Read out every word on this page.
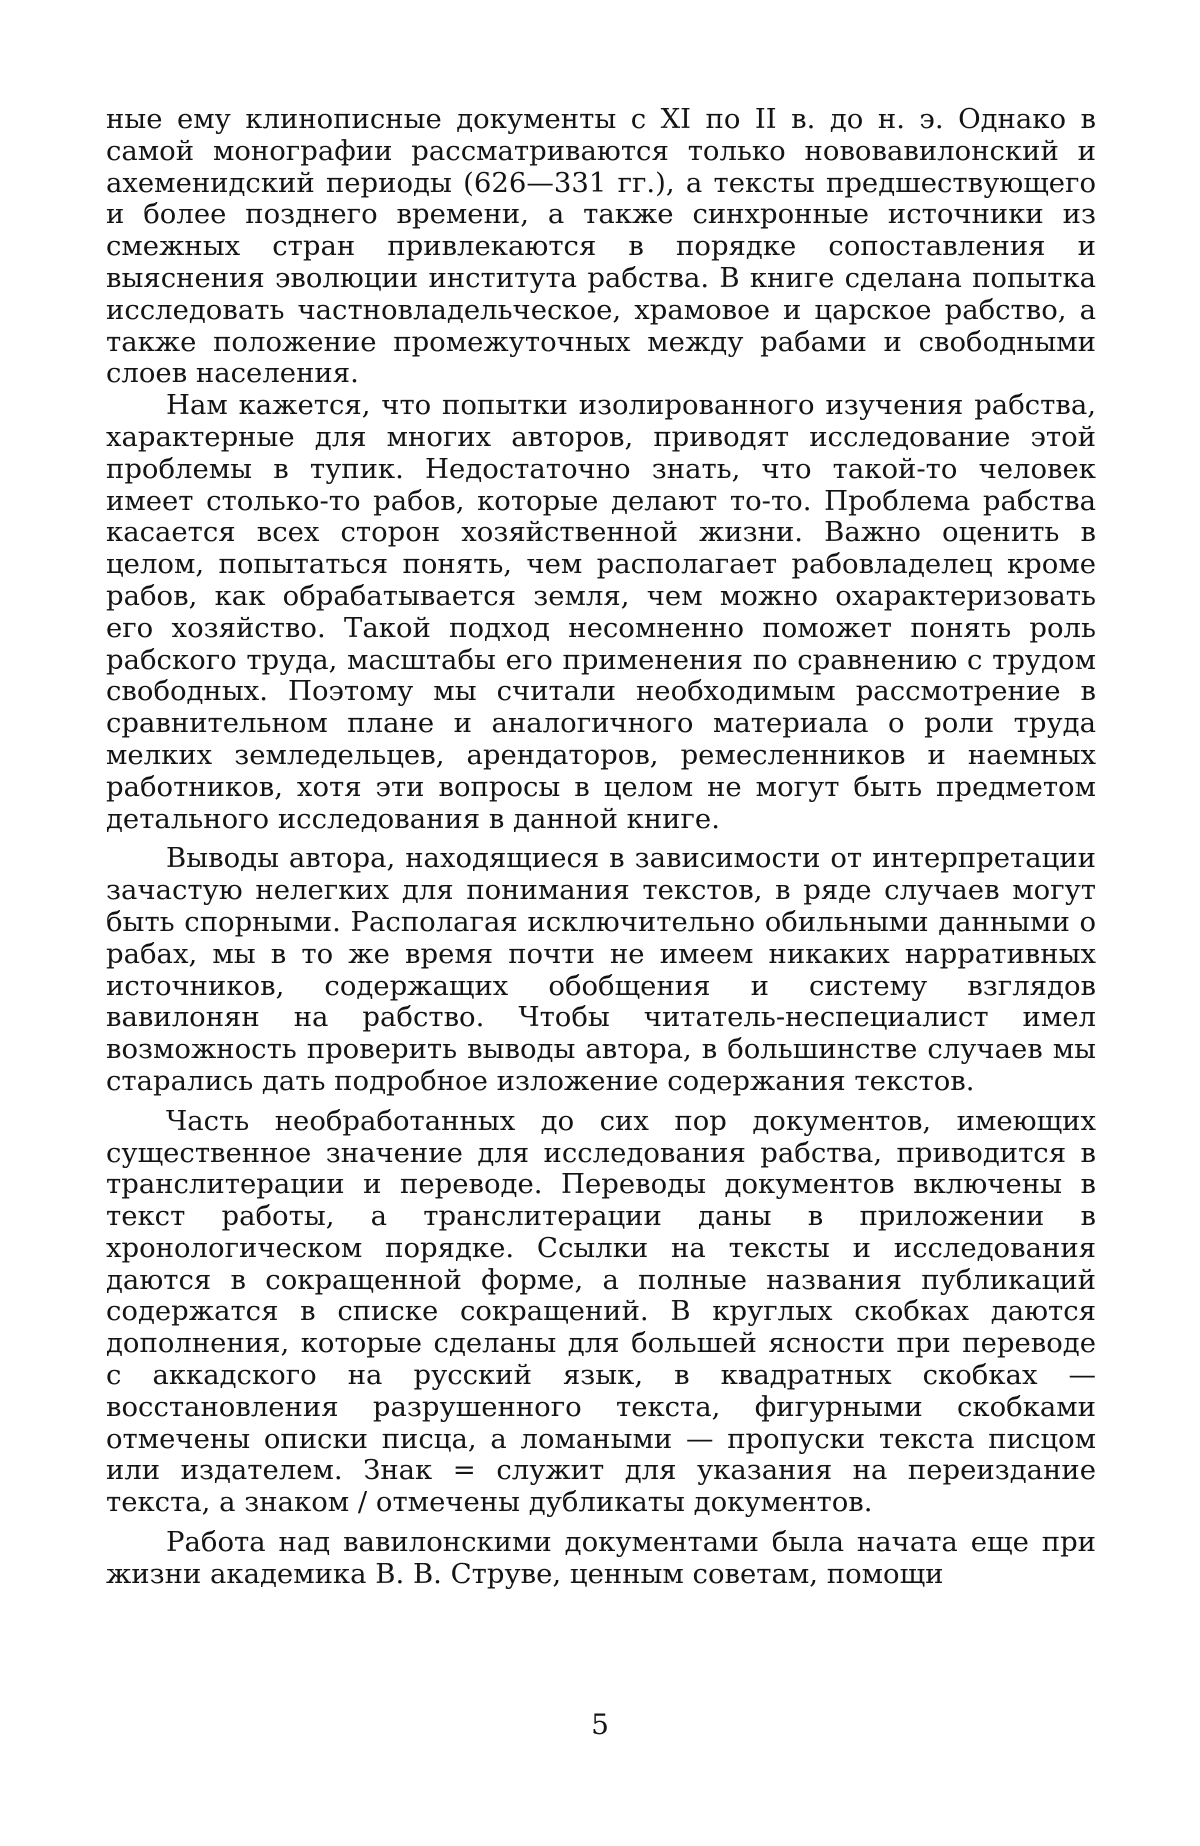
ные ему клинописные документы с XI по II в. до н. э. Однако в самой монографии рассматриваются только нововавилонский и ахеменидский периоды (626—331 гг.), а тексты предшествующего и более позднего времени, а также синхронные источники из смежных стран привлекаются в порядке сопоставления и выяснения эволюции института рабства. В книге сделана попытка исследовать частновладельческое, храмовое и царское рабство, а также положение промежуточных между рабами и свободными слоев населения.

Нам кажется, что попытки изолированного изучения рабства, характерные для многих авторов, приводят исследование этой проблемы в тупик. Недостаточно знать, что такой-то человек имеет столько-то рабов, которые делают то-то. Проблема рабства касается всех сторон хозяйственной жизни. Важно оценить в целом, попытаться понять, чем располагает рабовладелец кроме рабов, как обрабатывается земля, чем можно охарактеризовать его хозяйство. Такой подход несомненно поможет понять роль рабского труда, масштабы его применения по сравнению с трудом свободных. Поэтому мы считали необходимым рассмотрение в сравнительном плане и аналогичного материала о роли труда мелких земледельцев, арендаторов, ремесленников и наемных работников, хотя эти вопросы в целом не могут быть предметом детального исследования в данной книге.

Выводы автора, находящиеся в зависимости от интерпретации зачастую нелегких для понимания текстов, в ряде случаев могут быть спорными. Располагая исключительно обильными данными о рабах, мы в то же время почти не имеем никаких нарративных источников, содержащих обобщения и систему взглядов вавилонян на рабство. Чтобы читатель-неспециалист имел возможность проверить выводы автора, в большинстве случаев мы старались дать подробное изложение содержания текстов.

Часть необработанных до сих пор документов, имеющих существенное значение для исследования рабства, приводится в транслитерации и переводе. Переводы документов включены в текст работы, а транслитерации даны в приложении в хронологическом порядке. Ссылки на тексты и исследования даются в сокращенной форме, а полные названия публикаций содержатся в списке сокращений. В круглых скобках даются дополнения, которые сделаны для большей ясности при переводе с аккадского на русский язык, в квадратных скобках — восстановления разрушенного текста, фигурными скобками отмечены описки писца, а ломаными — пропуски текста писцом или издателем. Знак = служит для указания на переиздание текста, а знаком / отмечены дубликаты документов.

Работа над вавилонскими документами была начата еще при жизни академика В. В. Струве, ценным советам, помощи

5
